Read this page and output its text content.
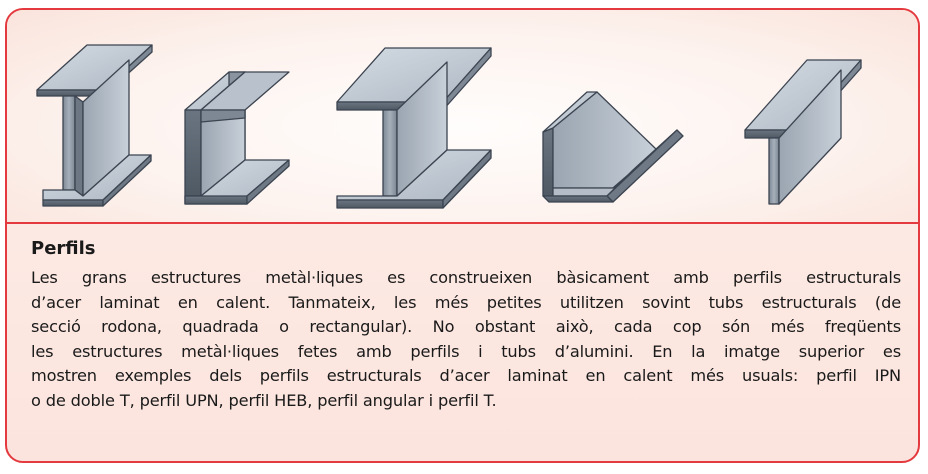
Perfils

Les grans estructures metàl·liques es construeixen bàsicament amb perfils estructurals
d’acer laminat en calent. Tanmateix, les més petites utilitzen sovint tubs estructurals (de
secció rodona, quadrada o rectangular). No obstant això, cada cop són més freqüents
les estructures metàl·liques fetes amb perfils i tubs d’alumini. En la imatge superior es
mostren exemples dels perfils estructurals d’acer laminat en calent més usuals: perfil IPN
o de doble T, perfil UPN, perfil HEB, perfil angular i perfil T.
